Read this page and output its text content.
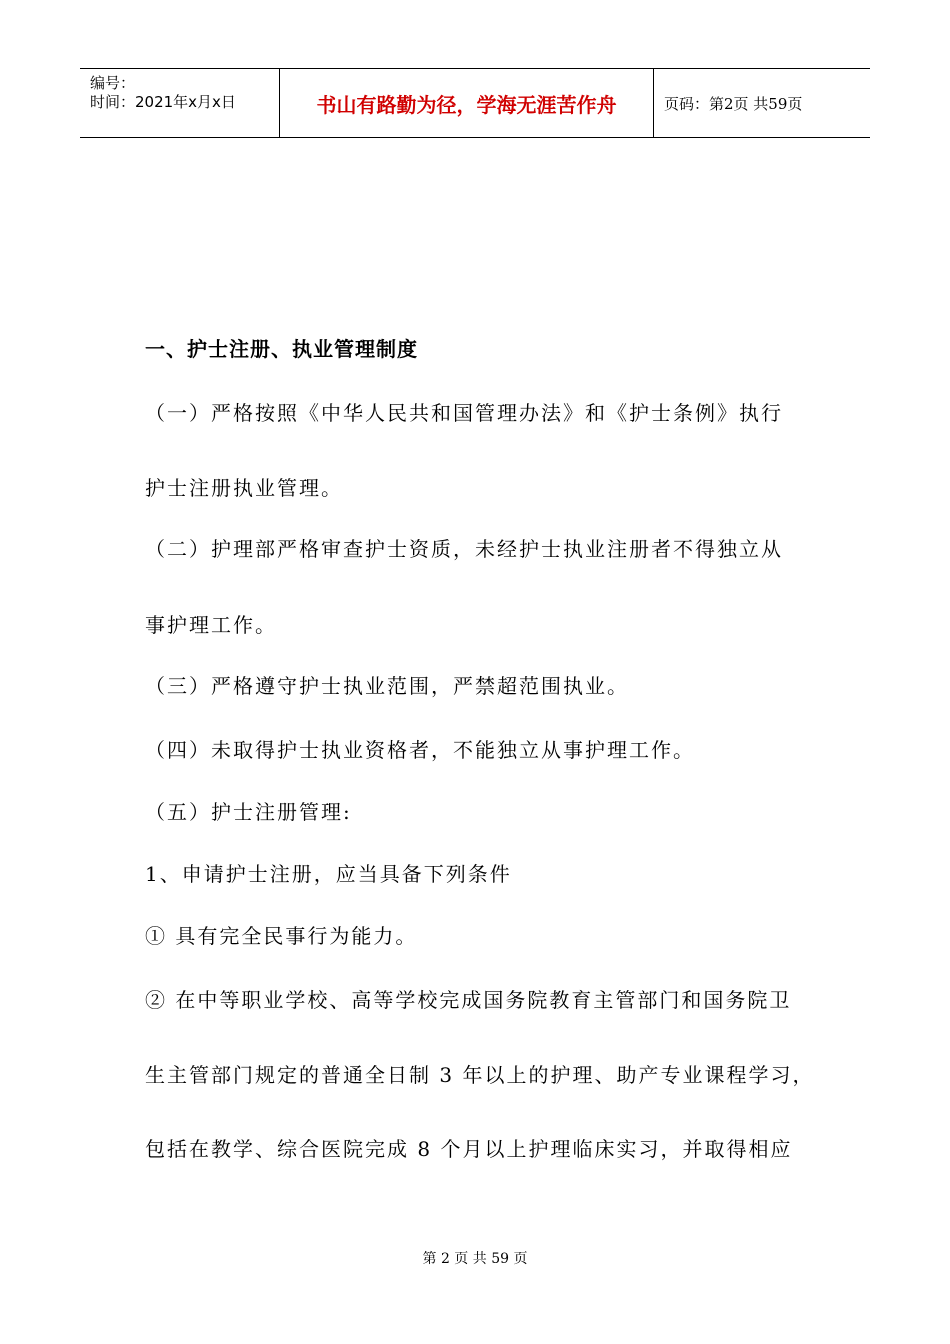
编号：
时间：2021年x月x日	书山有路勤为径，学海无涯苦作舟	页码：第2页 共59页
一、护士注册、执业管理制度
（一）严格按照《中华人民共和国管理办法》和《护士条例》执行
护士注册执业管理。
（二）护理部严格审查护士资质，未经护士执业注册者不得独立从
事护理工作。
（三）严格遵守护士执业范围，严禁超范围执业。
（四）未取得护士执业资格者，不能独立从事护理工作。
（五）护士注册管理:
1、申请护士注册，应当具备下列条件
① 具有完全民事行为能力。
② 在中等职业学校、高等学校完成国务院教育主管部门和国务院卫
生主管部门规定的普通全日制 3 年以上的护理、助产专业课程学习，
包括在教学、综合医院完成 8 个月以上护理临床实习，并取得相应
第 2 页 共 59 页
